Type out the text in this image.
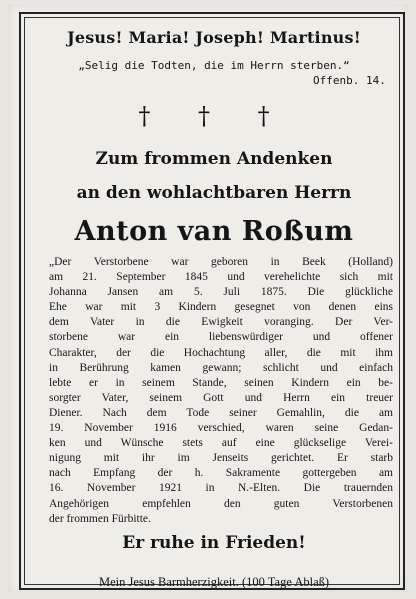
Jesus! Maria! Joseph! Martinus!
„Selig die Todten, die im Herrn sterben.“
Offenb. 14.
† † †
Zum frommen Andenken
an den wohlachtbaren Herrn
Anton van Roßum
„Der Verstorbene war geboren in Beek (Holland)
am 21. September 1845 und verehelichte sich mit
Johanna Jansen am 5. Juli 1875. Die glückliche
Ehe war mit 3 Kindern gesegnet von denen eins
dem Vater in die Ewigkeit voranging. Der Ver-
storbene war ein liebenswürdiger und offener
Charakter, der die Hochachtung aller, die mit ihm
in Berührung kamen gewann; schlicht und einfach
lebte er in seinem Stande, seinen Kindern ein be-
sorgter Vater, seinem Gott und Herrn ein treuer
Diener. Nach dem Tode seiner Gemahlin, die am
19. November 1916 verschied, waren seine Gedan-
ken und Wünsche stets auf eine glückselige Verei-
nigung mit ihr im Jenseits gerichtet. Er starb
nach Empfang der h. Sakramente gottergeben am
16. November 1921 in N.-Elten. Die trauernden
Angehörigen empfehlen den guten Verstorbenen
der frommen Fürbitte.
Er ruhe in Frieden!
Mein Jesus Barmherzigkeit. (100 Tage Ablaß)
